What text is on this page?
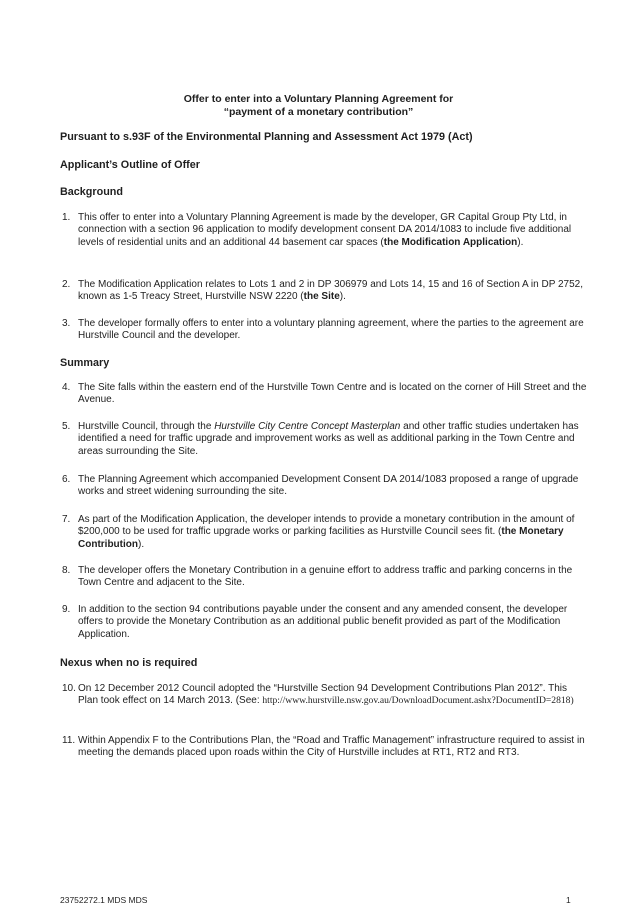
Offer to enter into a Voluntary Planning Agreement for
“payment of a monetary contribution”
Pursuant to s.93F of the Environmental Planning and Assessment Act 1979 (Act)
Applicant’s Outline of Offer
Background
1. This offer to enter into a Voluntary Planning Agreement is made by the developer, GR Capital Group Pty Ltd, in connection with a section 96 application to modify development consent DA 2014/1083 to include five additional levels of residential units and an additional 44 basement car spaces (the Modification Application).
2. The Modification Application relates to Lots 1 and 2 in DP 306979 and Lots 14, 15 and 16 of Section A in DP 2752, known as 1-5 Treacy Street, Hurstville NSW 2220 (the Site).
3. The developer formally offers to enter into a voluntary planning agreement, where the parties to the agreement are Hurstville Council and the developer.
Summary
4. The Site falls within the eastern end of the Hurstville Town Centre and is located on the corner of Hill Street and the Avenue.
5. Hurstville Council, through the Hurstville City Centre Concept Masterplan and other traffic studies undertaken has identified a need for traffic upgrade and improvement works as well as additional parking in the Town Centre and areas surrounding the Site.
6. The Planning Agreement which accompanied Development Consent DA 2014/1083 proposed a range of upgrade works and street widening surrounding the site.
7. As part of the Modification Application, the developer intends to provide a monetary contribution in the amount of $200,000 to be used for traffic upgrade works or parking facilities as Hurstville Council sees fit. (the Monetary Contribution).
8. The developer offers the Monetary Contribution in a genuine effort to address traffic and parking concerns in the Town Centre and adjacent to the Site.
9. In addition to the section 94 contributions payable under the consent and any amended consent, the developer offers to provide the Monetary Contribution as an additional public benefit provided as part of the Modification Application.
Nexus when no is required
10. On 12 December 2012 Council adopted the “Hurstville Section 94 Development Contributions Plan 2012”. This Plan took effect on 14 March 2013. (See: http://www.hurstville.nsw.gov.au/DownloadDocument.ashx?DocumentID=2818)
11. Within Appendix F to the Contributions Plan, the “Road and Traffic Management” infrastructure required to assist in meeting the demands placed upon roads within the City of Hurstville includes at RT1, RT2 and RT3.
23752272.1 MDS MDS	1
